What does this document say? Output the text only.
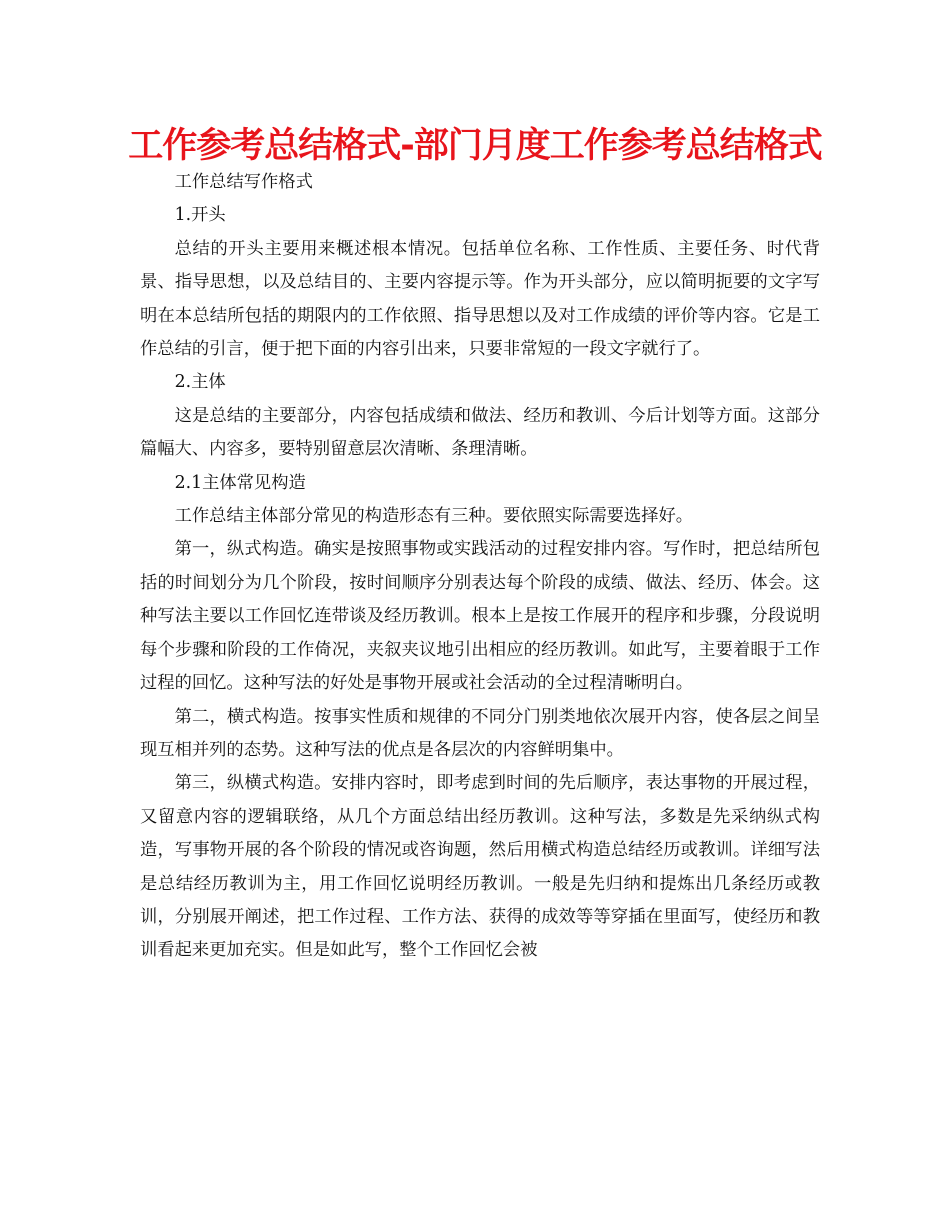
工作参考总结格式-部门月度工作参考总结格式

工作总结写作格式

1.开头

总结的开头主要用来概述根本情况。包括单位名称、工作性质、主要任务、时代背景、指导思想，以及总结目的、主要内容提示等。作为开头部分，应以简明扼要的文字写明在本总结所包括的期限内的工作依照、指导思想以及对工作成绩的评价等内容。它是工作总结的引言，便于把下面的内容引出来，只要非常短的一段文字就行了。

2.主体

这是总结的主要部分，内容包括成绩和做法、经历和教训、今后计划等方面。这部分篇幅大、内容多，要特别留意层次清晰、条理清晰。

2.1主体常见构造

工作总结主体部分常见的构造形态有三种。要依照实际需要选择好。

第一，纵式构造。确实是按照事物或实践活动的过程安排内容。写作时，把总结所包括的时间划分为几个阶段，按时间顺序分别表达每个阶段的成绩、做法、经历、体会。这种写法主要以工作回忆连带谈及经历教训。根本上是按工作展开的程序和步骤，分段说明每个步骤和阶段的工作倚况，夹叙夹议地引出相应的经历教训。如此写，主要着眼于工作过程的回忆。这种写法的好处是事物开展或社会活动的全过程清晰明白。

第二，横式构造。按事实性质和规律的不同分门别类地依次展开内容，使各层之间呈现互相并列的态势。这种写法的优点是各层次的内容鲜明集中。

第三，纵横式构造。安排内容时，即考虑到时间的先后顺序，表达事物的开展过程，又留意内容的逻辑联络，从几个方面总结出经历教训。这种写法，多数是先采纳纵式构造，写事物开展的各个阶段的情况或咨询题，然后用横式构造总结经历或教训。详细写法是总结经历教训为主，用工作回忆说明经历教训。一般是先归纳和提炼出几条经历或教训，分别展开阐述，把工作过程、工作方法、获得的成效等等穿插在里面写，使经历和教训看起来更加充实。但是如此写，整个工作回忆会被
